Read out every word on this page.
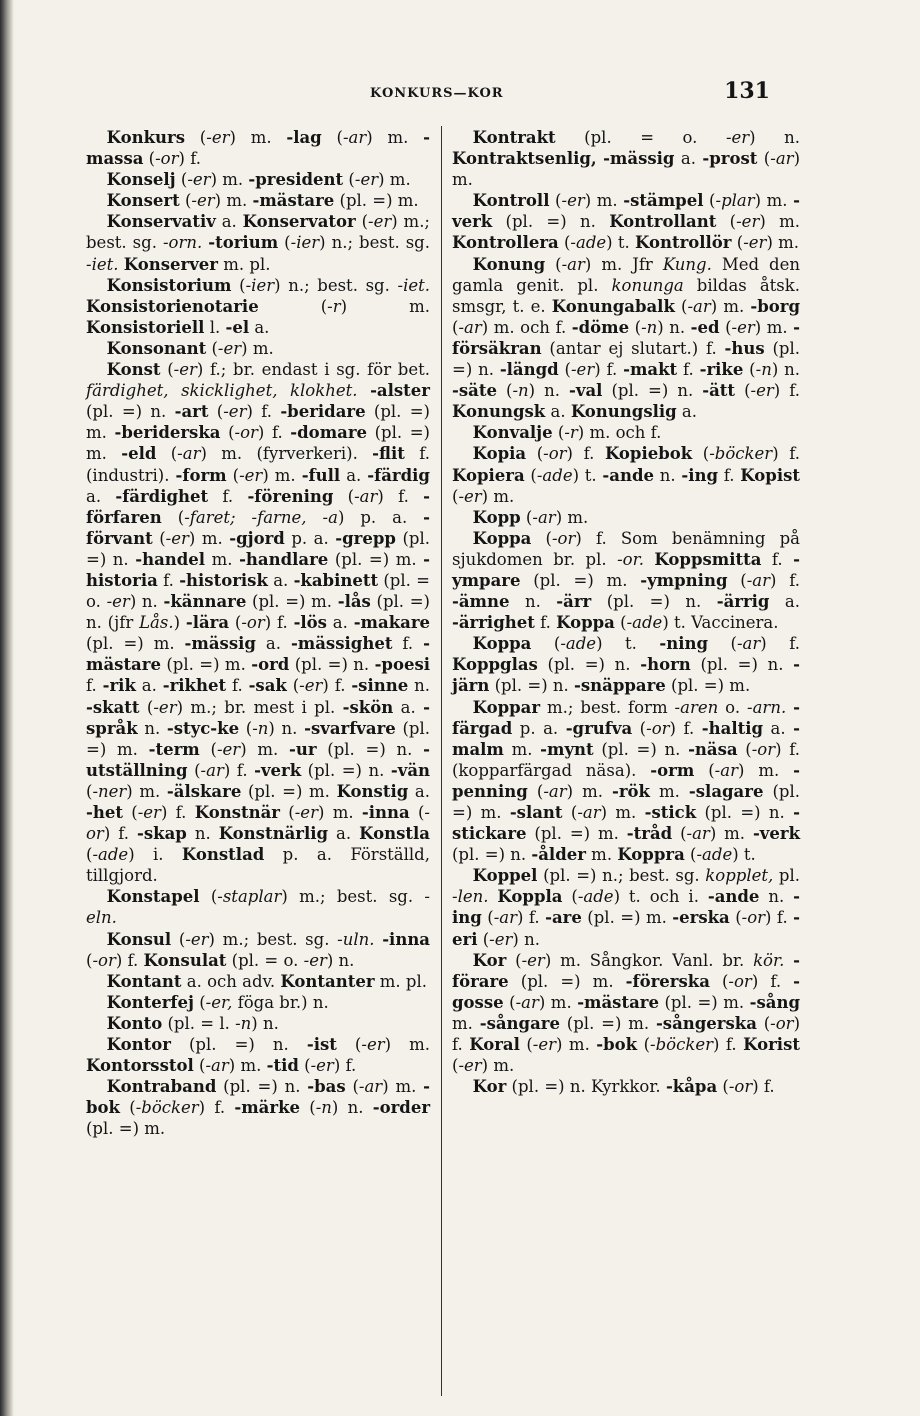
KONKURS—KOR	131

Konkurs (-er) m. -lag (-ar) m. -massa (-or) f.

Konselj (-er) m. -president (-er) m.

Konsert (-er) m. -mästare (pl. =) m.

Konservativ a. Konservator (-er) m.; best. sg. -orn. -torium (-ier) n.; best. sg. -iet. Konserver m. pl.

Konsistorium (-ier) n.; best. sg. -iet. Konsistorienotarie (-r) m. Konsistoriell l. -el a.

Konsonant (-er) m.

Konst (-er) f.; br. endast i sg. för bet. färdighet, skicklighet, klokhet. -alster (pl. =) n. -art (-er) f. -beridare (pl. =) m. -beriderska (-or) f. -domare (pl. =) m. -eld (-ar) m. (fyrverkeri). -flit f. (industri). -form (-er) m. -full a. -färdig a. -färdighet f. -förening (-ar) f. -förfaren (-faret; -farne, -a) p. a. -förvant (-er) m. -gjord p. a. -grepp (pl. =) n. -handel m. -handlare (pl. =) m. -historia f. -historisk a. -kabinett (pl. = o. -er) n. -kännare (pl. =) m. -lås (pl. =) n. (jfr Lås.) -lära (-or) f. -lös a. -makare (pl. =) m. -mässig a. -mässighet f. -mästare (pl. =) m. -ord (pl. =) n. -poesi f. -rik a. -rikhet f. -sak (-er) f. -sinne n. -skatt (-er) m.; br. mest i pl. -skön a. -språk n. -styc-ke (-n) n. -svarfvare (pl. =) m. -term (-er) m. -ur (pl. =) n. -utställning (-ar) f. -verk (pl. =) n. -vän (-ner) m. -älskare (pl. =) m. Konstig a. -het (-er) f. Konstnär (-er) m. -inna (-or) f. -skap n. Konstnärlig a. Konstla (-ade) i. Konstlad p. a. Förställd, tillgjord.

Konstapel (-staplar) m.; best. sg. -eln.

Konsul (-er) m.; best. sg. -uln. -inna (-or) f. Konsulat (pl. = o. -er) n.

Kontant a. och adv. Kontanter m. pl.

Konterfej (-er, föga br.) n.

Konto (pl. = l. -n) n.

Kontor (pl. =) n. -ist (-er) m. Kontorsstol (-ar) m. -tid (-er) f.

Kontraband (pl. =) n. -bas (-ar) m. -bok (-böcker) f. -märke (-n) n. -order (pl. =) m.

Kontrakt (pl. = o. -er) n. Kontraktsenlig, -mässig a. -prost (-ar) m.

Kontroll (-er) m. -stämpel (-plar) m. -verk (pl. =) n. Kontrollant (-er) m. Kontrollera (-ade) t. Kontrollör (-er) m.

Konung (-ar) m. Jfr Kung. Med den gamla genit. pl. konunga bildas åtsk. smsgr, t. e. Konungabalk (-ar) m. -borg (-ar) m. och f. -döme (-n) n. -ed (-er) m. -försäkran (antar ej slutart.) f. -hus (pl. =) n. -längd (-er) f. -makt f. -rike (-n) n. -säte (-n) n. -val (pl. =) n. -ätt (-er) f. Konungsk a. Konungslig a.

Konvalje (-r) m. och f.

Kopia (-or) f. Kopiebok (-böcker) f. Kopiera (-ade) t. -ande n. -ing f. Kopist (-er) m.

Kopp (-ar) m.

Koppa (-or) f. Som benämning på sjukdomen br. pl. -or. Koppsmitta f. -ympare (pl. =) m. -ympning (-ar) f. -ämne n. -ärr (pl. =) n. -ärrig a. -ärrighet f. Koppa (-ade) t. Vaccinera.

Koppa (-ade) t. -ning (-ar) f. Koppglas (pl. =) n. -horn (pl. =) n. -järn (pl. =) n. -snäppare (pl. =) m.

Koppar m.; best. form -aren o. -arn. -färgad p. a. -grufva (-or) f. -haltig a. -malm m. -mynt (pl. =) n. -näsa (-or) f. (kopparfärgad näsa). -orm (-ar) m. -penning (-ar) m. -rök m. -slagare (pl. =) m. -slant (-ar) m. -stick (pl. =) n. -stickare (pl. =) m. -tråd (-ar) m. -verk (pl. =) n. -ålder m. Koppra (-ade) t.

Koppel (pl. =) n.; best. sg. kopplet, pl. -len. Koppla (-ade) t. och i. -ande n. -ing (-ar) f. -are (pl. =) m. -erska (-or) f. -eri (-er) n.

Kor (-er) m. Sångkor. Vanl. br. kör. -förare (pl. =) m. -förerska (-or) f. -gosse (-ar) m. -mästare (pl. =) m. -sång m. -sångare (pl. =) m. -sångerska (-or) f. Koral (-er) m. -bok (-böcker) f. Korist (-er) m.

Kor (pl. =) n. Kyrkkor. -kåpa (-or) f.
